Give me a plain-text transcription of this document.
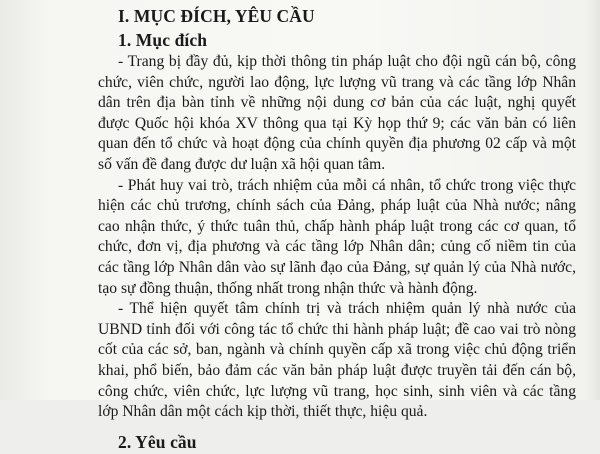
I. MỤC ĐÍCH, YÊU CẦU
1. Mục đích

- Trang bị đầy đủ, kịp thời thông tin pháp luật cho đội ngũ cán bộ, công chức, viên chức, người lao động, lực lượng vũ trang và các tầng lớp Nhân dân trên địa bàn tỉnh về những nội dung cơ bản của các luật, nghị quyết được Quốc hội khóa XV thông qua tại Kỳ họp thứ 9; các văn bản có liên quan đến tổ chức và hoạt động của chính quyền địa phương 02 cấp và một số vấn đề đang được dư luận xã hội quan tâm.

- Phát huy vai trò, trách nhiệm của mỗi cá nhân, tổ chức trong việc thực hiện các chủ trương, chính sách của Đảng, pháp luật của Nhà nước; nâng cao nhận thức, ý thức tuân thủ, chấp hành pháp luật trong các cơ quan, tổ chức, đơn vị, địa phương và các tầng lớp Nhân dân; củng cố niềm tin của các tầng lớp Nhân dân vào sự lãnh đạo của Đảng, sự quản lý của Nhà nước, tạo sự đồng thuận, thống nhất trong nhận thức và hành động.

- Thể hiện quyết tâm chính trị và trách nhiệm quản lý nhà nước của UBND tỉnh đối với công tác tổ chức thi hành pháp luật; đề cao vai trò nòng cốt của các sở, ban, ngành và chính quyền cấp xã trong việc chủ động triển khai, phổ biến, bảo đảm các văn bản pháp luật được truyền tải đến cán bộ, công chức, viên chức, lực lượng vũ trang, học sinh, sinh viên và các tầng lớp Nhân dân một cách kịp thời, thiết thực, hiệu quả.

2. Yêu cầu
